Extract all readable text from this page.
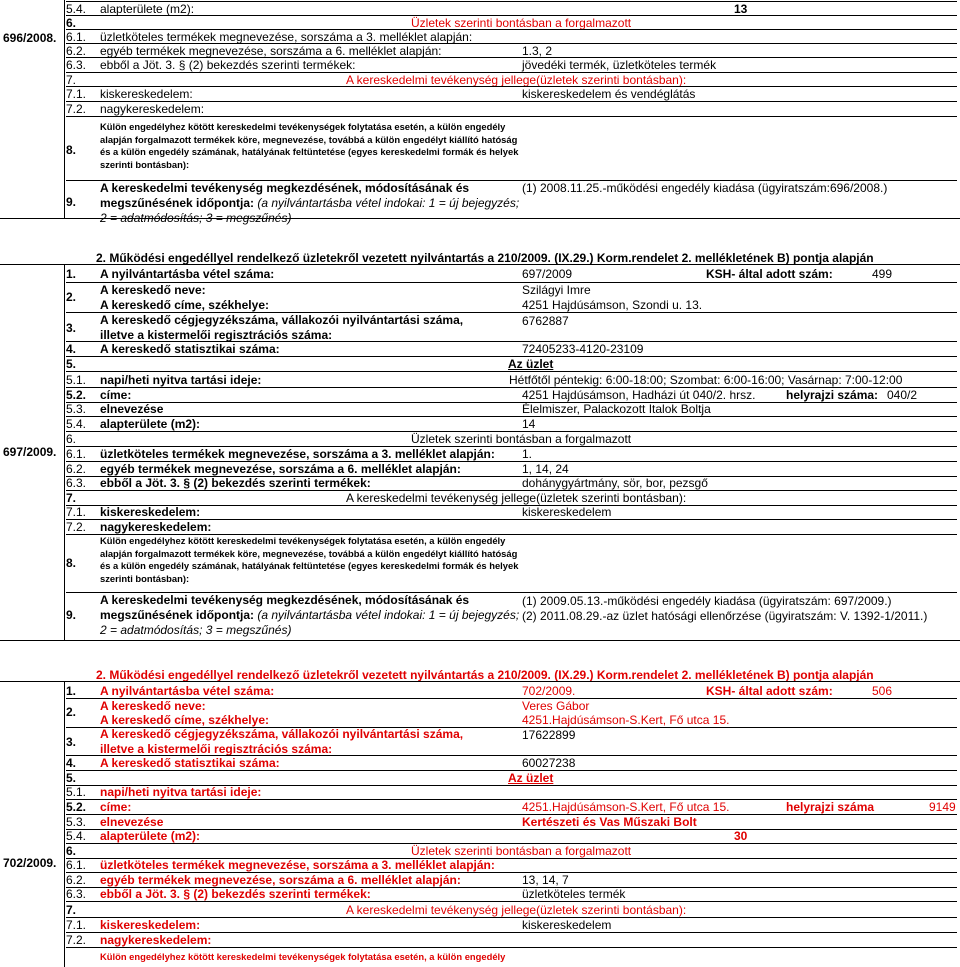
696/2008.
5.4.	alapterülete (m2):	13
6.	Üzletek szerinti bontásban a forgalmazott
6.1.	üzletköteles termékek megnevezése, sorszáma a 3. melléklet alapján:
6.2.	egyéb termékek megnevezése, sorszáma a 6. melléklet alapján:	1.3, 2
6.3.	ebből a Jöt. 3. § (2) bekezdés szerinti termékek:	jövedéki termék, üzletköteles termék
7.	A kereskedelmi tevékenység jellege(üzletek szerinti bontásban):
7.1.	kiskereskedelem:	kiskereskedelem és vendéglátás
7.2.	nagykereskedelem:
8.
Külön engedélyhez kötött kereskedelmi tevékenységek folytatása esetén, a külön engedély alapján forgalmazott termékek köre, megnevezése, továbbá a külön engedélyt kiállító hatóság és a külön engedély számának, hatályának feltüntetése (egyes kereskedelmi formák és helyek szerinti bontásban):
9.
A kereskedelmi tevékenység megkezdésének, módosításának és
megszűnésének időpontja: (a nyilvántartásba vétel indokai: 1 = új bejegyzés;
2 = adatmódosítás; 3 = megszűnés)
(1) 2008.11.25.-működési engedély kiadása (ügyiratszám:696/2008.)
2. Működési engedéllyel rendelkező üzletekről vezetett nyilvántartás a 210/2009. (IX.29.) Korm.rendelet 2. mellékletének B) pontja alapján
697/2009.
1.	A nyilvántartásba vétel száma:	697/2009	KSH- által adott szám:	499
2. A kereskedő neve:	Szilágyi Imre
A kereskedő címe, székhelye:	4251 Hajdúsámson, Szondi u. 13.
3.
A kereskedő cégjegyzékszáma, vállakozói nyilvántartási száma,
illetve a kistermelői regisztrációs száma:
6762887
4.	A kereskedő statisztikai száma:	72405233-4120-23109
5.	Az üzlet
5.1.	napi/heti nyitva tartási ideje:	Hétfőtől péntekig: 6:00-18:00; Szombat: 6:00-16:00; Vasárnap: 7:00-12:00
5.2.	címe:	4251 Hajdúsámson, Hadházi út 040/2. hrsz.	helyrajzi száma: 040/2
5.3.	elnevezése	Élelmiszer, Palackozott Italok Boltja
5.4.	alapterülete (m2):	14
6.	Üzletek szerinti bontásban a forgalmazott
6.1.	üzletköteles termékek megnevezése, sorszáma a 3. melléklet alapján:	1.
6.2.	egyéb termékek megnevezése, sorszáma a 6. melléklet alapján:	1, 14, 24
6.3.	ebből a Jöt. 3. § (2) bekezdés szerinti termékek:	dohánygyártmány, sör, bor, pezsgő
7.	A kereskedelmi tevékenység jellege(üzletek szerinti bontásban):
7.1.	kiskereskedelem:	kiskereskedelem
7.2.	nagykereskedelem:
8.
Külön engedélyhez kötött kereskedelmi tevékenységek folytatása esetén, a külön engedély alapján forgalmazott termékek köre, megnevezése, továbbá a külön engedélyt kiállító hatóság és a külön engedély számának, hatályának feltüntetése (egyes kereskedelmi formák és helyek szerinti bontásban):
9.
A kereskedelmi tevékenység megkezdésének, módosításának és
megszűnésének időpontja: (a nyilvántartásba vétel indokai: 1 = új bejegyzés;
2 = adatmódosítás; 3 = megszűnés)
(1) 2009.05.13.-működési engedély kiadása (ügyiratszám: 697/2009.)
(2) 2011.08.29.-az üzlet hatósági ellenőrzése (ügyiratszám: V. 1392-1/2011.)
2. Működési engedéllyel rendelkező üzletekről vezetett nyilvántartás a 210/2009. (IX.29.) Korm.rendelet 2. mellékletének B) pontja alapján
702/2009.
1.	A nyilvántartásba vétel száma:	702/2009.	KSH- által adott szám:	506
2. A kereskedő neve:	Veres Gábor
A kereskedő címe, székhelye:	4251.Hajdúsámson-S.Kert, Fő utca 15.
3.
A kereskedő cégjegyzékszáma, vállakozói nyilvántartási száma,
illetve a kistermelői regisztrációs száma:
17622899
4.	A kereskedő statisztikai száma:	60027238
5.	Az üzlet
5.1.	napi/heti nyitva tartási ideje:
5.2.	címe:	4251.Hajdúsámson-S.Kert, Fő utca 15.	helyrajzi száma	9149
5.3.	elnevezése	Kertészeti és Vas Műszaki Bolt
5.4.	alapterülete (m2):	30
6.	Üzletek szerinti bontásban a forgalmazott
6.1.	üzletköteles termékek megnevezése, sorszáma a 3. melléklet alapján:
6.2.	egyéb termékek megnevezése, sorszáma a 6. melléklet alapján:	13, 14, 7
6.3.	ebből a Jöt. 3. § (2) bekezdés szerinti termékek:	üzletköteles termék
7.	A kereskedelmi tevékenység jellege(üzletek szerinti bontásban):
7.1.	kiskereskedelem:	kiskereskedelem
7.2.	nagykereskedelem:
Külön engedélyhez kötött kereskedelmi tevékenységek folytatása esetén, a külön engedély
